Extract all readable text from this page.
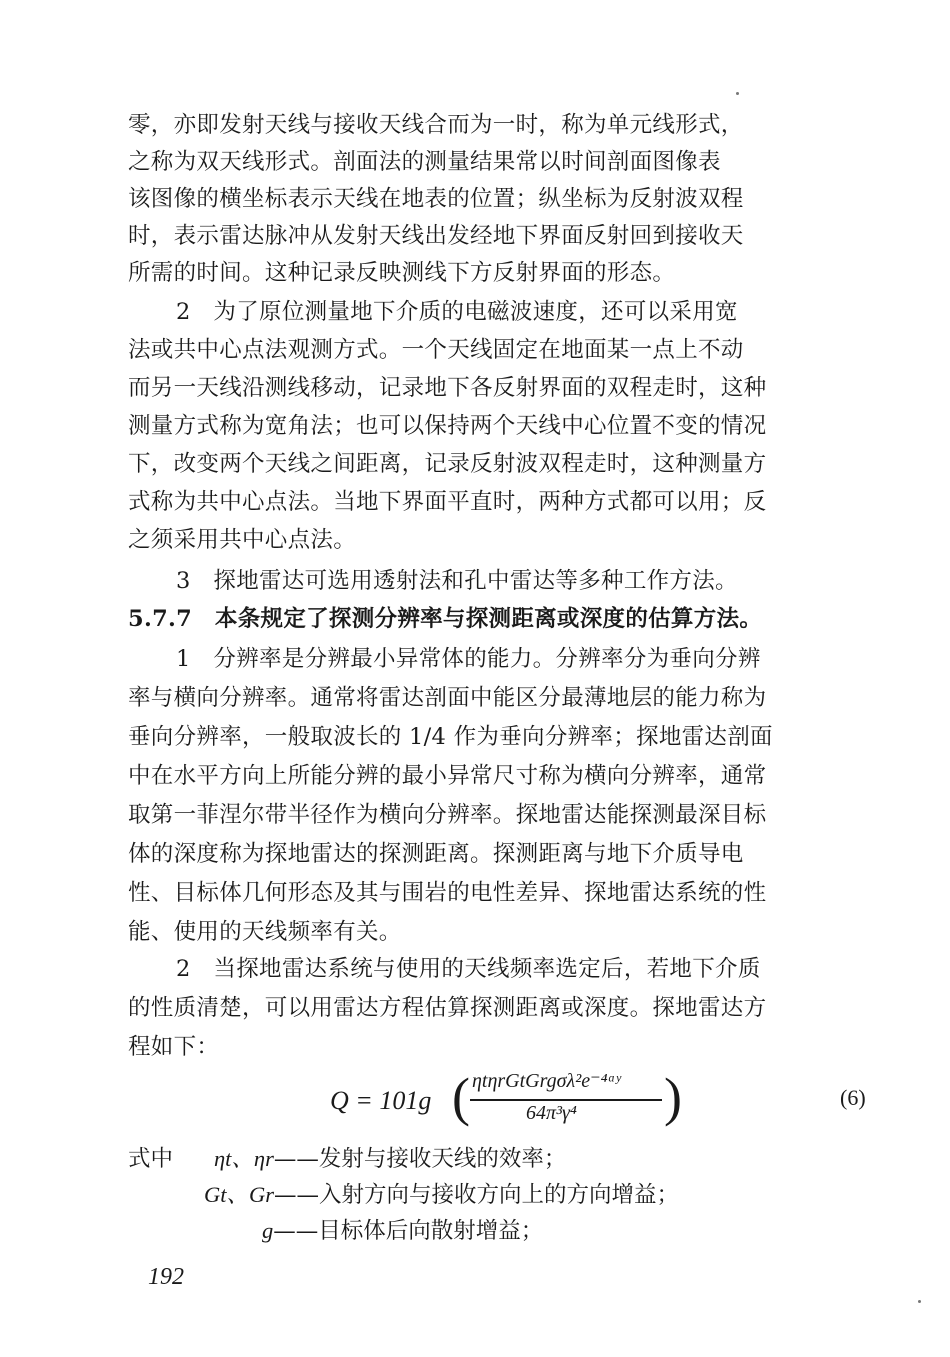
零，亦即发射天线与接收天线合而为一时，称为单元线形式，
之称为双天线形式。剖面法的测量结果常以时间剖面图像表
该图像的横坐标表示天线在地表的位置；纵坐标为反射波双程
时，表示雷达脉冲从发射天线出发经地下界面反射回到接收天
所需的时间。这种记录反映测线下方反射界面的形态。
2　为了原位测量地下介质的电磁波速度，还可以采用宽
法或共中心点法观测方式。一个天线固定在地面某一点上不动
而另一天线沿测线移动，记录地下各反射界面的双程走时，这种
测量方式称为宽角法；也可以保持两个天线中心位置不变的情况
下，改变两个天线之间距离，记录反射波双程走时，这种测量方
式称为共中心点法。当地下界面平直时，两种方式都可以用；反
之须采用共中心点法。
3　探地雷达可选用透射法和孔中雷达等多种工作方法。
5.7.7　本条规定了探测分辨率与探测距离或深度的估算方法。
1　分辨率是分辨最小异常体的能力。分辨率分为垂向分辨
率与横向分辨率。通常将雷达剖面中能区分最薄地层的能力称为
垂向分辨率，一般取波长的 1/4 作为垂向分辨率；探地雷达剖面
中在水平方向上所能分辨的最小异常尺寸称为横向分辨率，通常
取第一菲涅尔带半径作为横向分辨率。探地雷达能探测最深目标
体的深度称为探地雷达的探测距离。探测距离与地下介质导电
性、目标体几何形态及其与围岩的电性差异、探地雷达系统的性
能、使用的天线频率有关。
2　当探地雷达系统与使用的天线频率选定后，若地下介质
的性质清楚，可以用雷达方程估算探测距离或深度。探地雷达方
程如下：
Q = 101g ( ηtηrGtGrgσλ²e⁻⁴ᵅʸ
64π³γ⁴ )	(6)
式中 ηt、ηr——发射与接收天线的效率；
Gt、Gr——入射方向与接收方向上的方向增益；
g——目标体后向散射增益；
192
